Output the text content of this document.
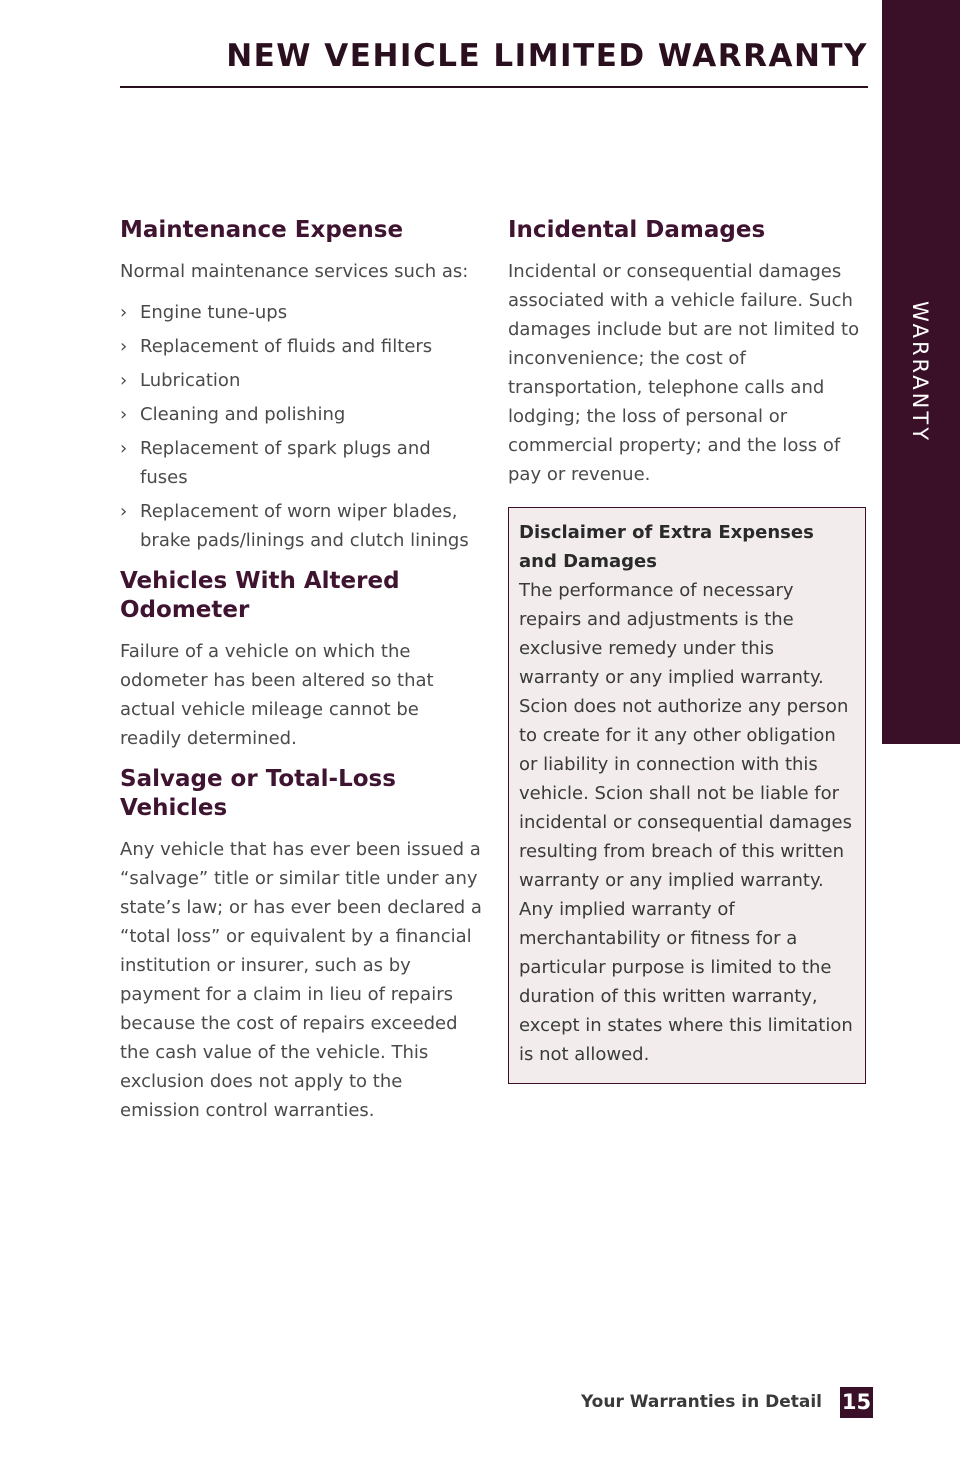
NEW VEHICLE LIMITED WARRANTY
WARRANTY
Maintenance Expense

Normal maintenance services such as:

› Engine tune-ups
› Replacement of fluids and filters
› Lubrication
› Cleaning and polishing
› Replacement of spark plugs and fuses
› Replacement of worn wiper blades, brake pads/linings and clutch linings
Vehicles With Altered Odometer

Failure of a vehicle on which the odometer has been altered so that actual vehicle mileage cannot be readily determined.

Salvage or Total-Loss Vehicles

Any vehicle that has ever been issued a “salvage” title or similar title under any state’s law; or has ever been declared a “total loss” or equivalent by a financial institution or insurer, such as by payment for a claim in lieu of repairs because the cost of repairs exceeded the cash value of the vehicle. This exclusion does not apply to the emission control warranties.

Incidental Damages

Incidental or consequential damages associated with a vehicle failure. Such damages include but are not limited to inconvenience; the cost of transportation, telephone calls and lodging; the loss of personal or commercial property; and the loss of pay or revenue.

Disclaimer of Extra Expenses and Damages
The performance of necessary repairs and adjustments is the exclusive remedy under this warranty or any implied warranty. Scion does not authorize any person to create for it any other obligation or liability in connection with this vehicle. Scion shall not be liable for incidental or consequential damages resulting from breach of this written warranty or any implied warranty. Any implied warranty of merchantability or fitness for a particular purpose is limited to the duration of this written warranty, except in states where this limitation is not allowed.
Your Warranties in Detail 15
